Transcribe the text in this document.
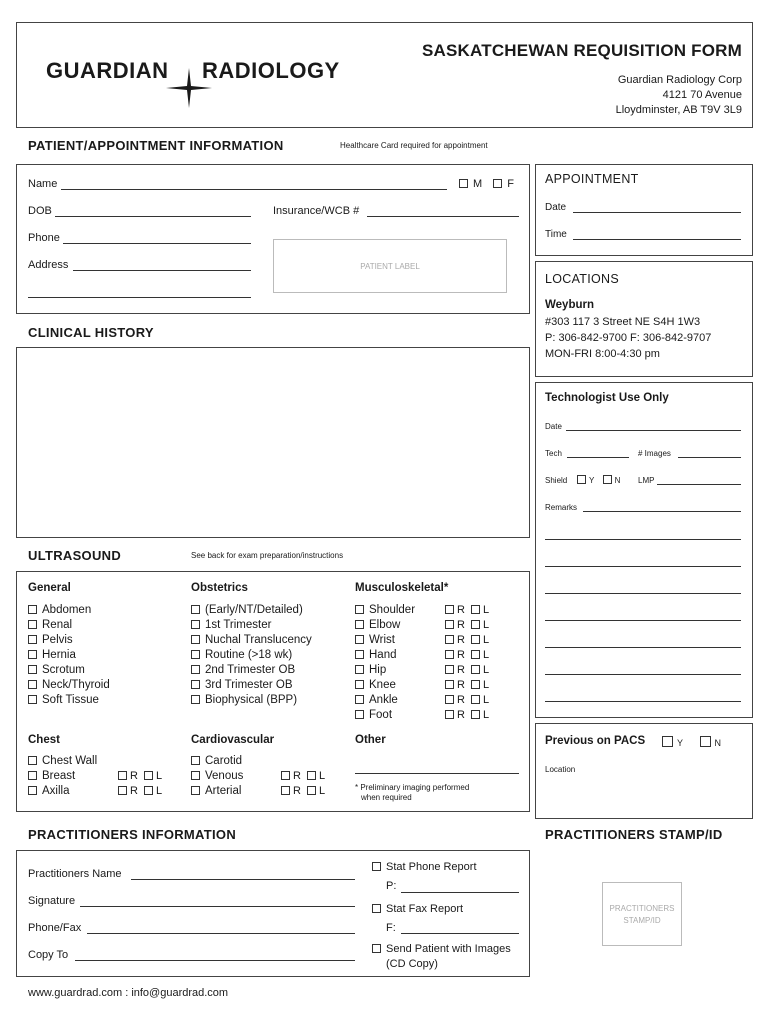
GUARDIAN RADIOLOGY
SASKATCHEWAN REQUISITION FORM
Guardian Radiology Corp
4121 70 Avenue
Lloydminster, AB T9V 3L9
PATIENT/APPOINTMENT INFORMATION	Healthcare Card required for appointment
Name	M F
DOB	Insurance/WCB #
Phone
Address	PATIENT LABEL
APPOINTMENT
Date
Time
LOCATIONS
Weyburn
#303 117 3 Street NE S4H 1W3
P: 306-842-9700 F: 306-842-9707
MON-FRI 8:00-4:30 pm
CLINICAL HISTORY
Technologist Use Only
Date
Tech	# Images
Shield	Y	N LMP
Remarks
ULTRASOUND	See back for exam preparation/instructions
General
Abdomen
Renal
Pelvis
Hernia
Scrotum
Neck/Thyroid
Soft Tissue
Obstetrics
(Early/NT/Detailed)
1st Trimester
Nuchal Translucency
Routine (>18 wk)
2nd Trimester OB
3rd Trimester OB
Biophysical (BPP)
Musculoskeletal*
Shoulder	R L
Elbow	R L
Wrist	R L
Hand	R L
Hip	R L
Knee	R L
Ankle	R L
Foot	R L
Chest
Chest Wall
Breast	R L
Axilla	R L
Cardiovascular
Carotid
Venous	R L
Arterial	R L
Other
* Preliminary imaging performed
when required
Previous on PACS	Y	N
Location
PRACTITIONERS INFORMATION	PRACTITIONERS STAMP/ID
Practitioners Name
Signature
Phone/Fax
Copy To
Stat Phone Report
P:
Stat Fax Report
F:
Send Patient with Images
(CD Copy)
PRACTITIONERS
STAMP/ID
www.guardrad.com : info@guardrad.com
